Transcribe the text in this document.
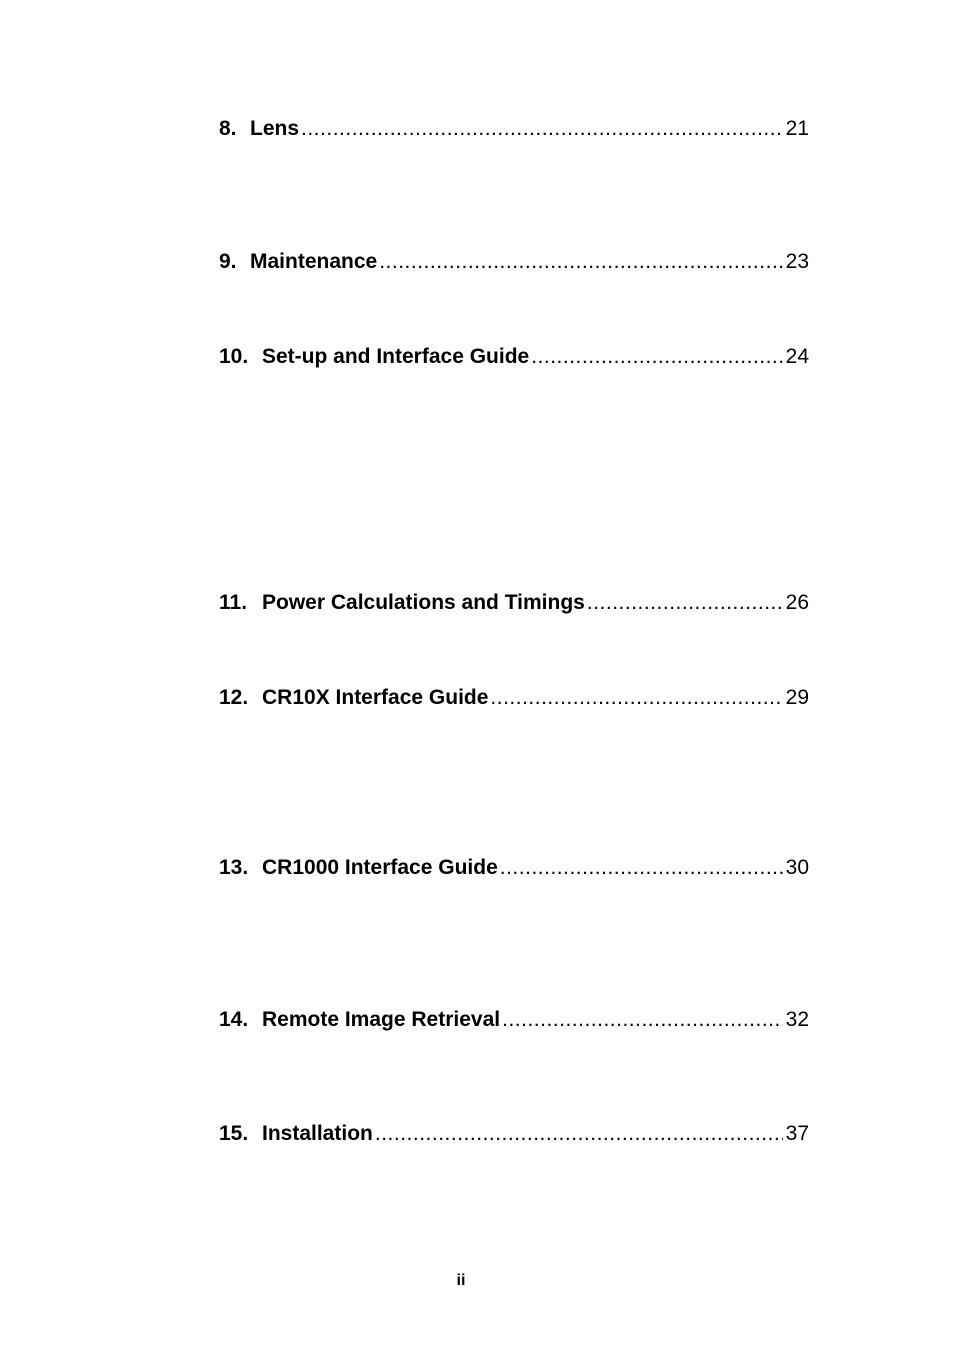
8. Lens .....	21
9. Maintenance .....	23
10. Set-up and Interface Guide .....	24
11. Power Calculations and Timings .....	26
12. CR10X Interface Guide .....	29
13. CR1000 Interface Guide .....	30
14. Remote Image Retrieval .....	32
15. Installation .....	37
ii
